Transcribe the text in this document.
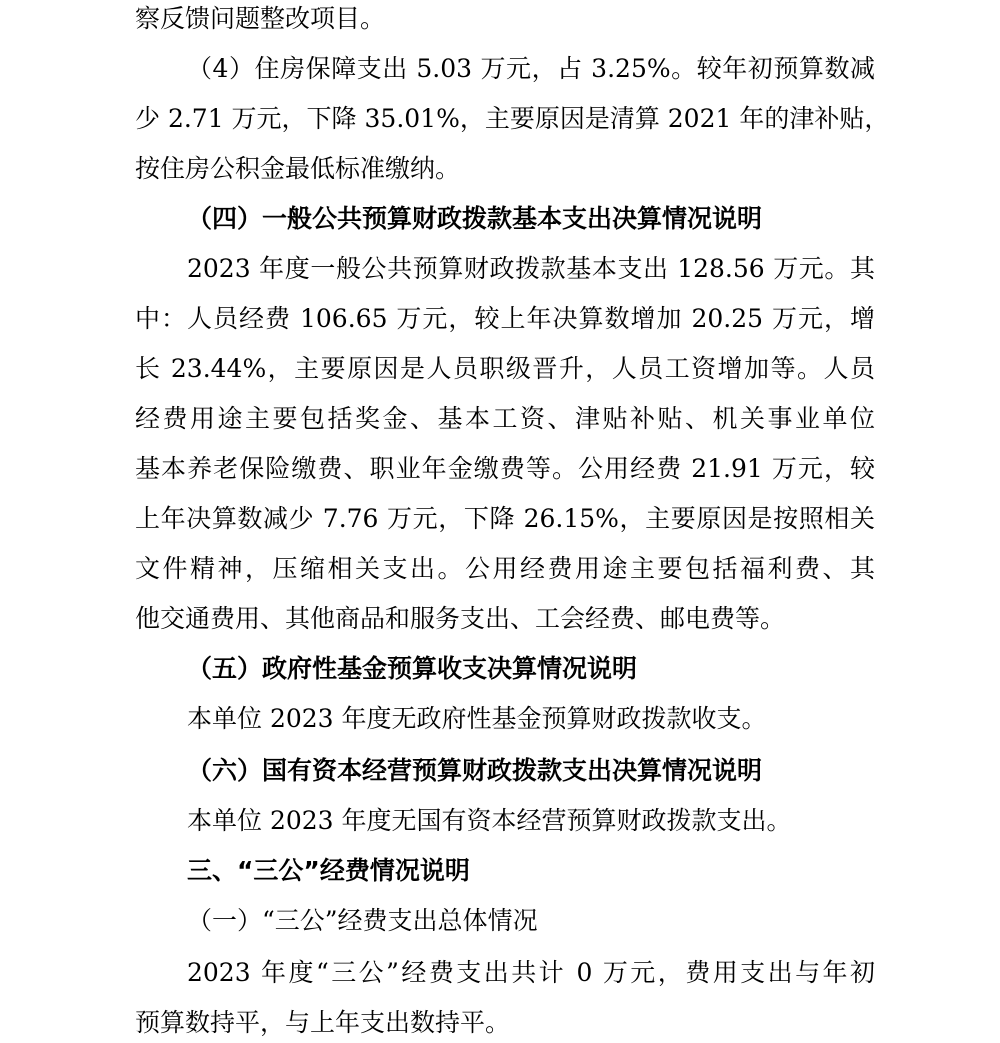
察反馈问题整改项目。
（4）住房保障支出 5.03 万元，占 3.25%。较年初预算数减
少 2.71 万元，下降 35.01%，主要原因是清算 2021 年的津补贴，
按住房公积金最低标准缴纳。
（四）一般公共预算财政拨款基本支出决算情况说明
2023 年度一般公共预算财政拨款基本支出 128.56 万元。其
中：人员经费 106.65 万元，较上年决算数增加 20.25 万元，增
长 23.44%，主要原因是人员职级晋升，人员工资增加等。人员
经费用途主要包括奖金、基本工资、津贴补贴、机关事业单位
基本养老保险缴费、职业年金缴费等。公用经费 21.91 万元，较
上年决算数减少 7.76 万元，下降 26.15%，主要原因是按照相关
文件精神，压缩相关支出。公用经费用途主要包括福利费、其
他交通费用、其他商品和服务支出、工会经费、邮电费等。
（五）政府性基金预算收支决算情况说明
本单位 2023 年度无政府性基金预算财政拨款收支。
（六）国有资本经营预算财政拨款支出决算情况说明
本单位 2023 年度无国有资本经营预算财政拨款支出。
三、“三公”经费情况说明
（一）“三公”经费支出总体情况
2023 年度“三公”经费支出共计 0 万元，费用支出与年初
预算数持平，与上年支出数持平。
